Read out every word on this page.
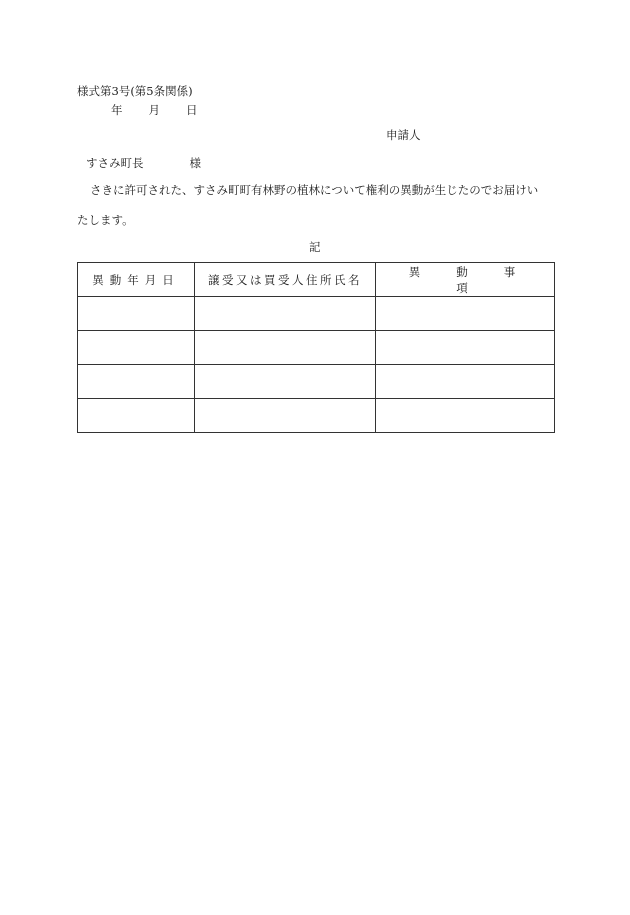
様式第3号(第5条関係)
年 月 日
申請人
すさみ町長	様
さきに許可された、すさみ町町有林野の植林について権利の異動が生じたのでお届けい
たします。
記
異動年月日	譲受又は買受人住所氏名	異動事項
